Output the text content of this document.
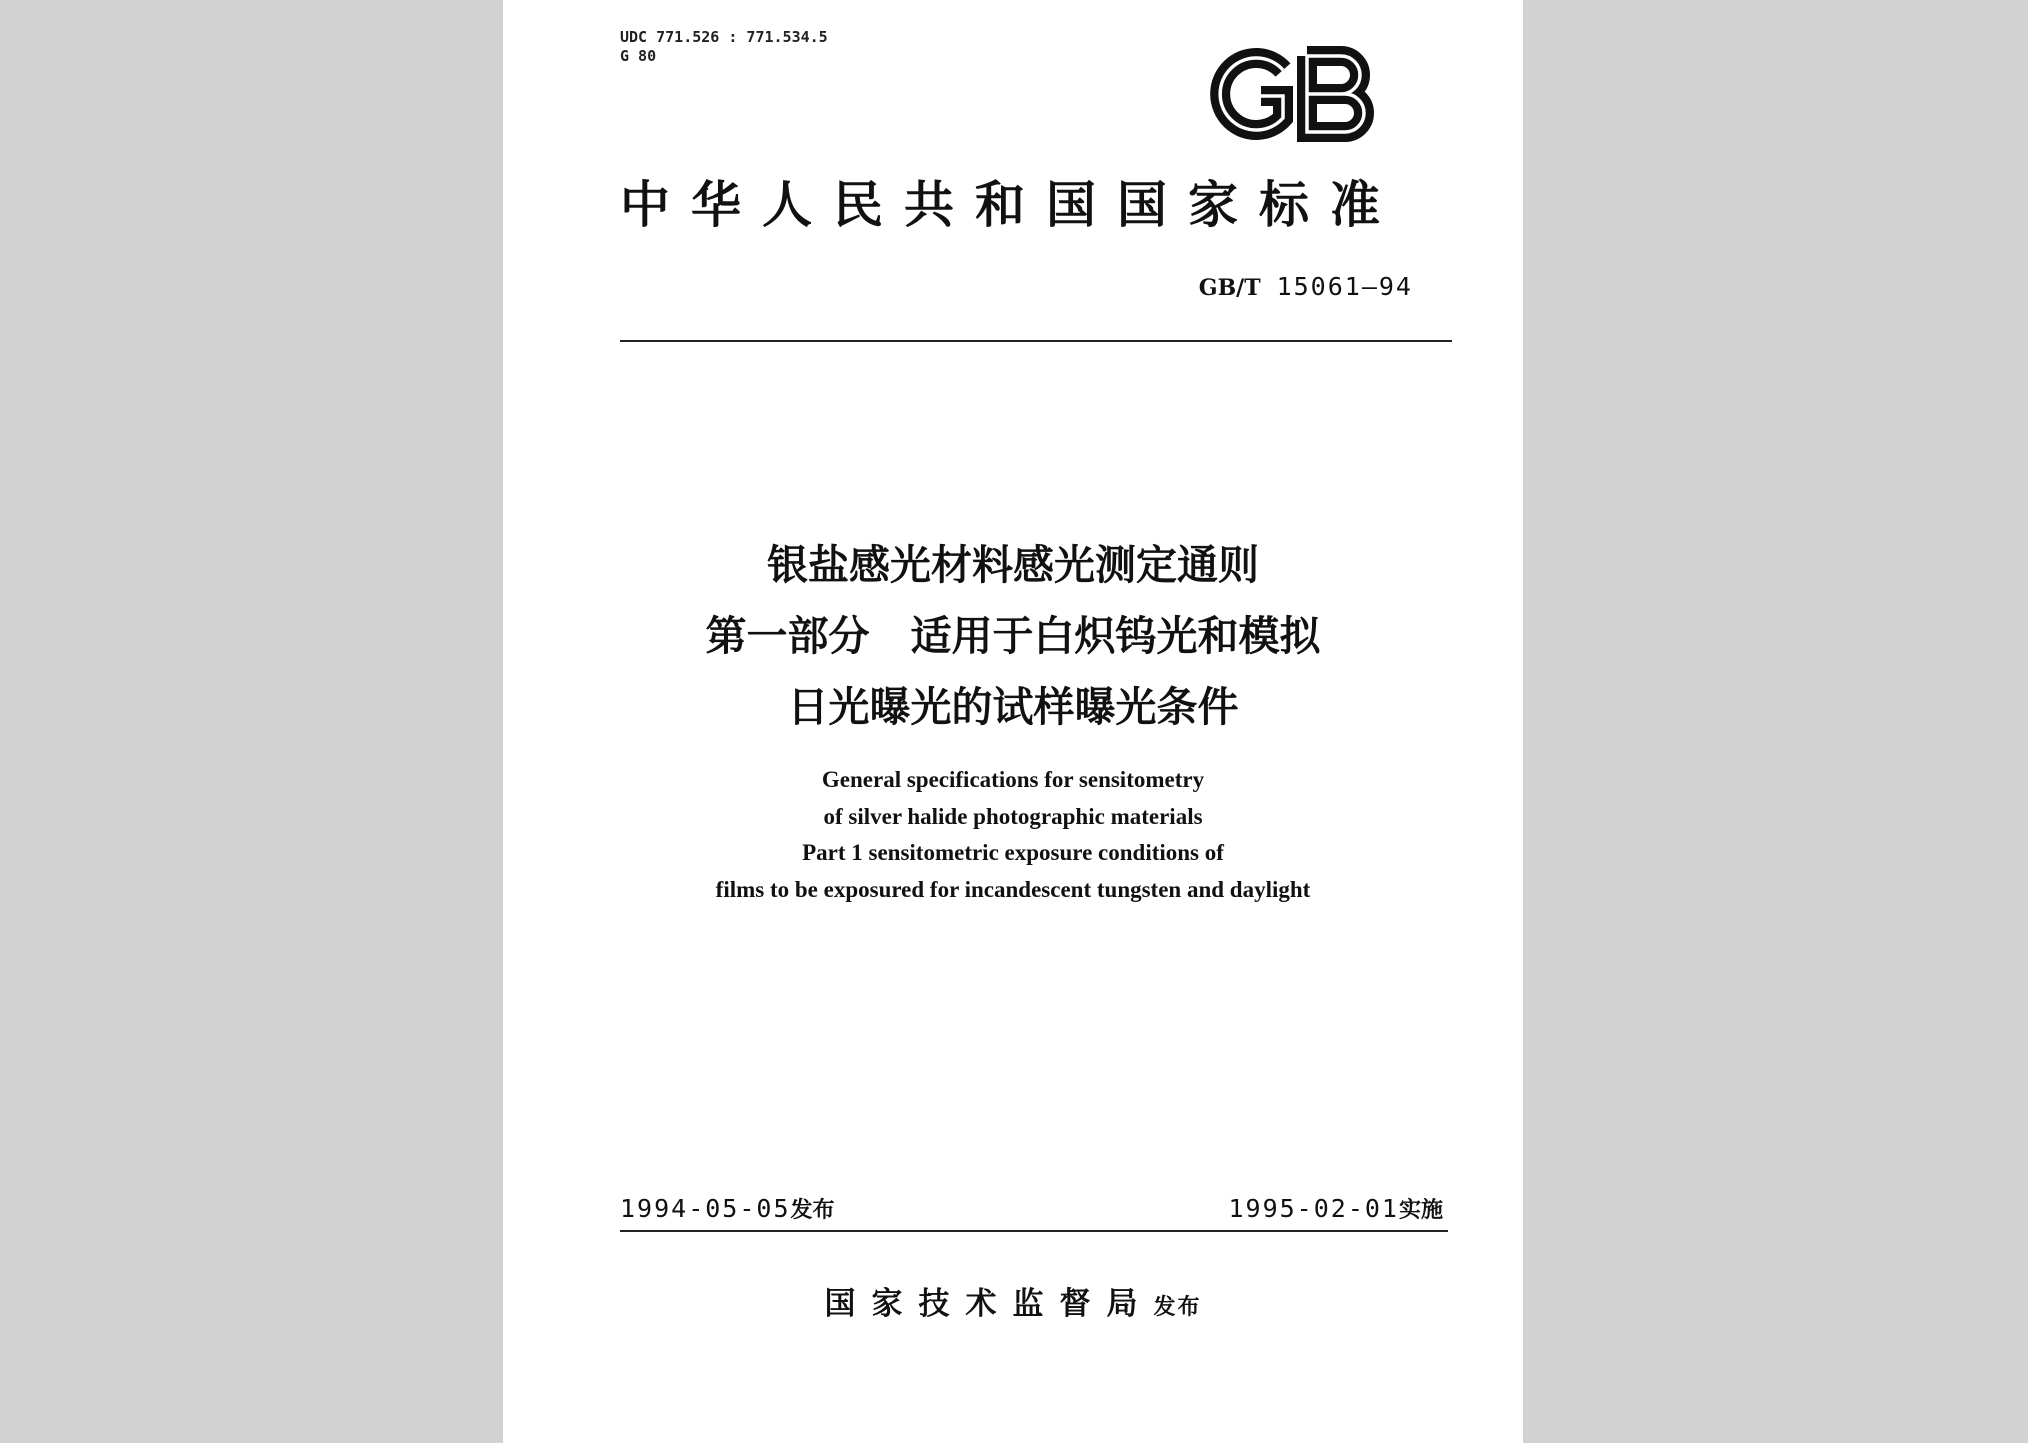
UDC 771.526 : 771.534.5
G 80
中华人民共和国国家标准
GB/T 15061—94
银盐感光材料感光测定通则
第一部分　适用于白炽钨光和模拟
日光曝光的试样曝光条件
General specifications for sensitometry
of silver halide photographic materials
Part 1 sensitometric exposure conditions of
films to be exposured for incandescent tungsten and daylight
1994-05-05发布	1995-02-01实施
国家技术监督局发布
